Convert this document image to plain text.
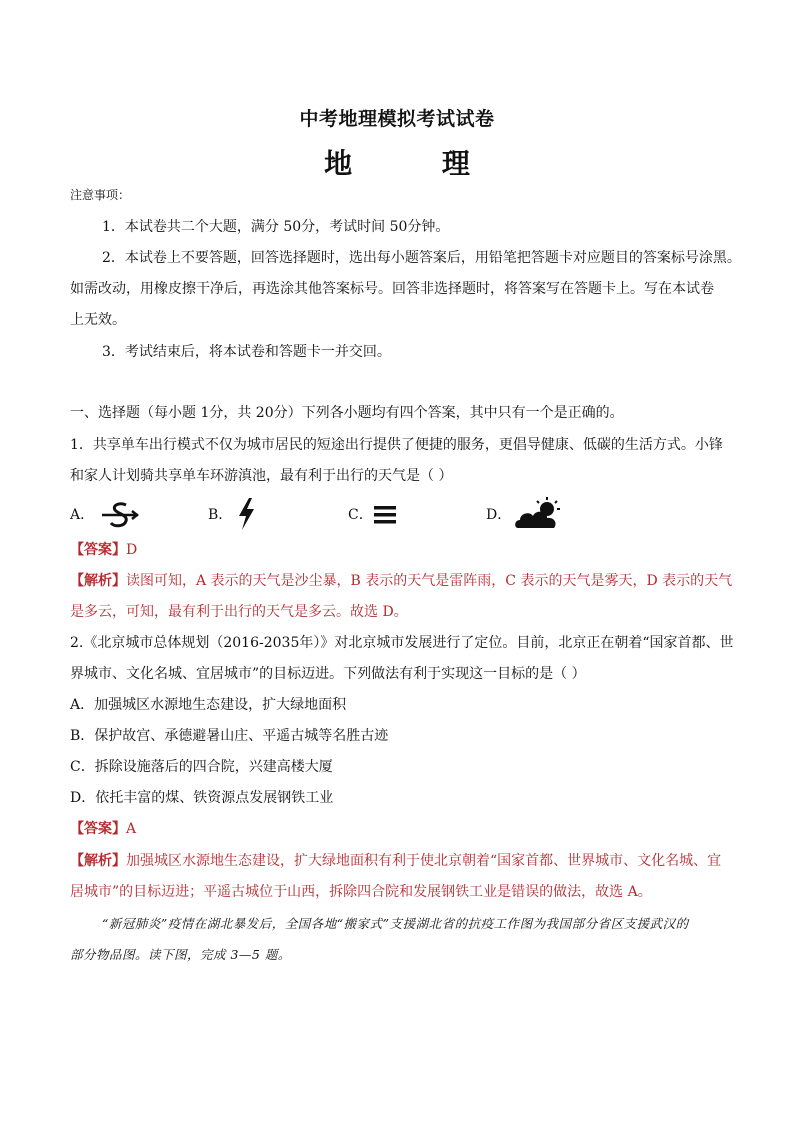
中考地理模拟考试试卷
地 理
注意事项：
1．本试卷共二个大题，满分 50分，考试时间 50分钟。
2．本试卷上不要答题，回答选择题时，选出每小题答案后，用铅笔把答题卡对应题目的答案标号涂黑。
如需改动，用橡皮擦干净后，再选涂其他答案标号。回答非选择题时，将答案写在答题卡上。写在本试卷
上无效。
3．考试结束后，将本试卷和答题卡一并交回。
一、选择题（每小题 1分，共 20分）下列各小题均有四个答案，其中只有一个是正确的。
1．共享单车出行模式不仅为城市居民的短途出行提供了便捷的服务，更倡导健康、低碳的生活方式。小锋
和家人计划骑共享单车环游滇池，最有利于出行的天气是（ ）
A．	B．	C．	D．
【答案】D
【解析】读图可知，A 表示的天气是沙尘暴，B 表示的天气是雷阵雨，C 表示的天气是雾天，D 表示的天气
是多云，可知，最有利于出行的天气是多云。故选 D。
2.《北京城市总体规划（2016-2035年）》对北京城市发展进行了定位。目前，北京正在朝着“国家首都、世
界城市、文化名城、宜居城市”的目标迈进。下列做法有利于实现这一目标的是（ ）
A．加强城区水源地生态建设，扩大绿地面积
B．保护故宫、承德避暑山庄、平遥古城等名胜古迹
C．拆除设施落后的四合院，兴建高楼大厦
D．依托丰富的煤、铁资源点发展钢铁工业
【答案】A
【解析】加强城区水源地生态建设，扩大绿地面积有利于使北京朝着“国家首都、世界城市、文化名城、宜
居城市”的目标迈进；平遥古城位于山西，拆除四合院和发展钢铁工业是错误的做法，故选 A。
“新冠肺炎”疫情在湖北暴发后，全国各地“搬家式”支援湖北省的抗疫工作图为我国部分省区支援武汉的
部分物品图。读下图，完成 3—5 题。
